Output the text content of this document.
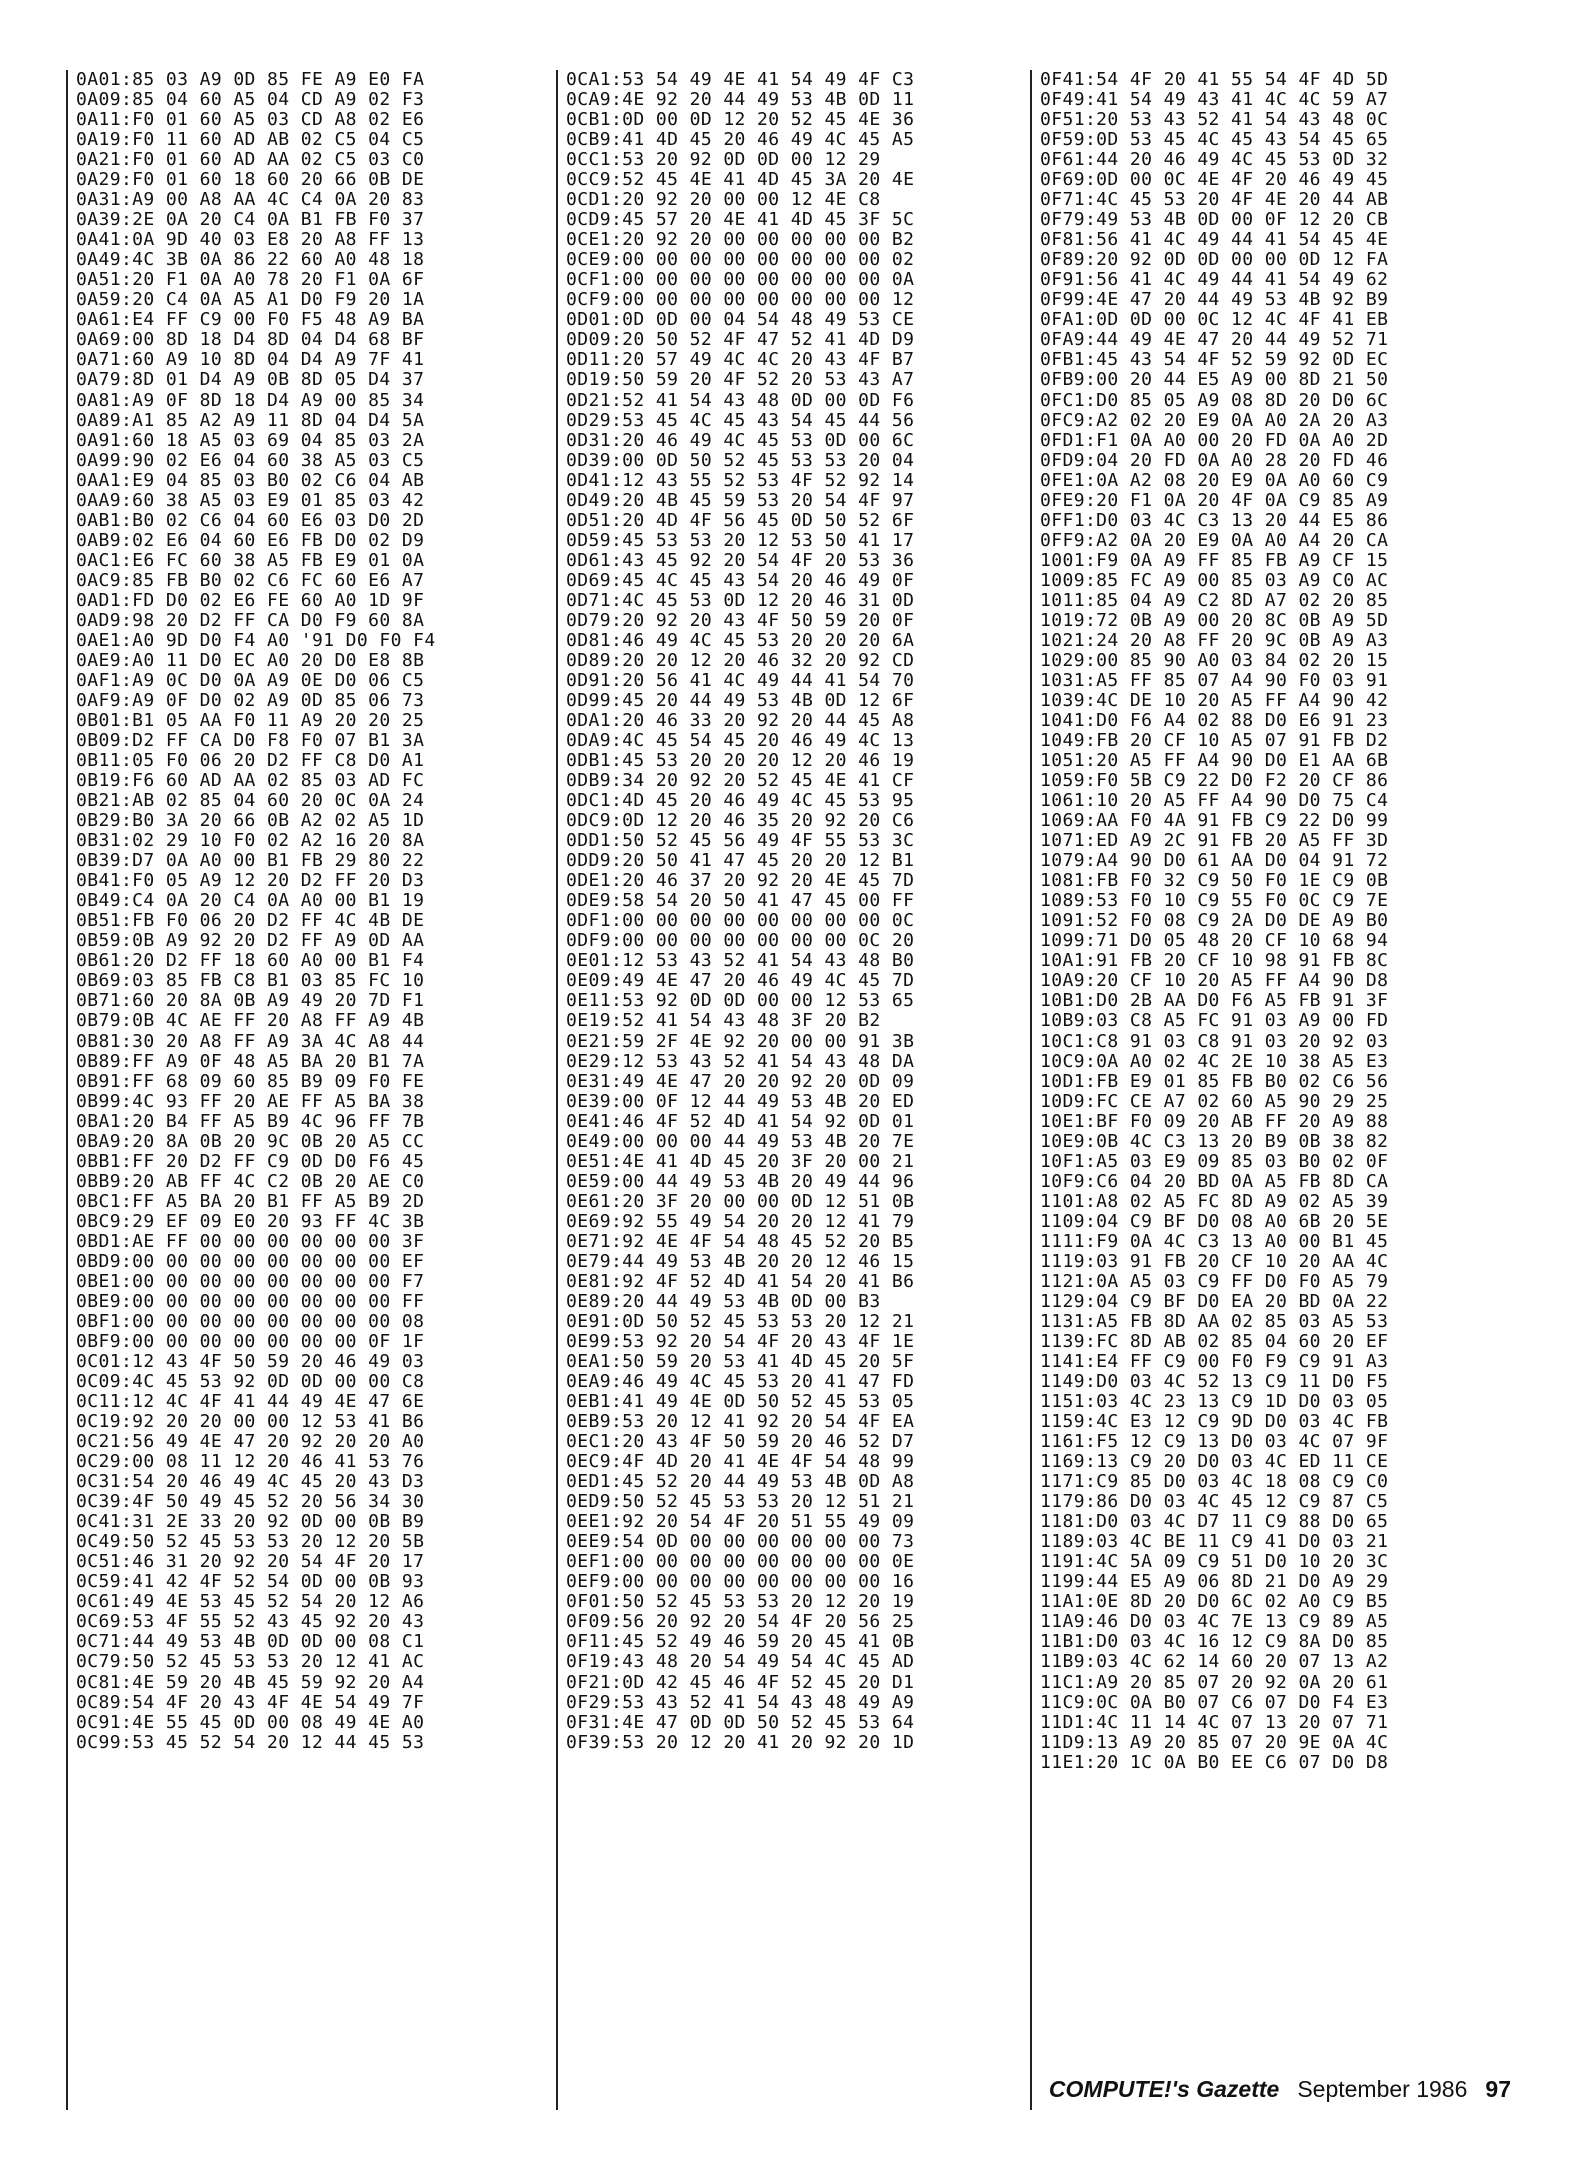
0A01:85 03 A9 0D 85 FE A9 E0 FA
0A09:85 04 60 A5 04 CD A9 02 F3
0A11:F0 01 60 A5 03 CD A8 02 E6
0A19:F0 11 60 AD AB 02 C5 04 C5
0A21:F0 01 60 AD AA 02 C5 03 C0
0A29:F0 01 60 18 60 20 66 0B DE
0A31:A9 00 A8 AA 4C C4 0A 20 83
0A39:2E 0A 20 C4 0A B1 FB F0 37
0A41:0A 9D 40 03 E8 20 A8 FF 13
0A49:4C 3B 0A 86 22 60 A0 48 18
0A51:20 F1 0A A0 78 20 F1 0A 6F
0A59:20 C4 0A A5 A1 D0 F9 20 1A
0A61:E4 FF C9 00 F0 F5 48 A9 BA
0A69:00 8D 18 D4 8D 04 D4 68 BF
0A71:60 A9 10 8D 04 D4 A9 7F 41
0A79:8D 01 D4 A9 0B 8D 05 D4 37
0A81:A9 0F 8D 18 D4 A9 00 85 34
0A89:A1 85 A2 A9 11 8D 04 D4 5A
0A91:60 18 A5 03 69 04 85 03 2A
0A99:90 02 E6 04 60 38 A5 03 C5
0AA1:E9 04 85 03 B0 02 C6 04 AB
0AA9:60 38 A5 03 E9 01 85 03 42
0AB1:B0 02 C6 04 60 E6 03 D0 2D
0AB9:02 E6 04 60 E6 FB D0 02 D9
0AC1:E6 FC 60 38 A5 FB E9 01 0A
0AC9:85 FB B0 02 C6 FC 60 E6 A7
0AD1:FD D0 02 E6 FE 60 A0 1D 9F
0AD9:98 20 D2 FF CA D0 F9 60 8A
0AE1:A0 9D D0 F4 A0 '91 D0 F0 F4
0AE9:A0 11 D0 EC A0 20 D0 E8 8B
0AF1:A9 0C D0 0A A9 0E D0 06 C5
0AF9:A9 0F D0 02 A9 0D 85 06 73
0B01:B1 05 AA F0 11 A9 20 20 25
0B09:D2 FF CA D0 F8 F0 07 B1 3A
0B11:05 F0 06 20 D2 FF C8 D0 A1
0B19:F6 60 AD AA 02 85 03 AD FC
0B21:AB 02 85 04 60 20 0C 0A 24
0B29:B0 3A 20 66 0B A2 02 A5 1D
0B31:02 29 10 F0 02 A2 16 20 8A
0B39:D7 0A A0 00 B1 FB 29 80 22
0B41:F0 05 A9 12 20 D2 FF 20 D3
0B49:C4 0A 20 C4 0A A0 00 B1 19
0B51:FB F0 06 20 D2 FF 4C 4B DE
0B59:0B A9 92 20 D2 FF A9 0D AA
0B61:20 D2 FF 18 60 A0 00 B1 F4
0B69:03 85 FB C8 B1 03 85 FC 10
0B71:60 20 8A 0B A9 49 20 7D F1
0B79:0B 4C AE FF 20 A8 FF A9 4B
0B81:30 20 A8 FF A9 3A 4C A8 44
0B89:FF A9 0F 48 A5 BA 20 B1 7A
0B91:FF 68 09 60 85 B9 09 F0 FE
0B99:4C 93 FF 20 AE FF A5 BA 38
0BA1:20 B4 FF A5 B9 4C 96 FF 7B
0BA9:20 8A 0B 20 9C 0B 20 A5 CC
0BB1:FF 20 D2 FF C9 0D D0 F6 45
0BB9:20 AB FF 4C C2 0B 20 AE C0
0BC1:FF A5 BA 20 B1 FF A5 B9 2D
0BC9:29 EF 09 E0 20 93 FF 4C 3B
0BD1:AE FF 00 00 00 00 00 00 3F
0BD9:00 00 00 00 00 00 00 00 EF
0BE1:00 00 00 00 00 00 00 00 F7
0BE9:00 00 00 00 00 00 00 00 FF
0BF1:00 00 00 00 00 00 00 00 08
0BF9:00 00 00 00 00 00 00 0F 1F
0C01:12 43 4F 50 59 20 46 49 03
0C09:4C 45 53 92 0D 0D 00 00 C8
0C11:12 4C 4F 41 44 49 4E 47 6E
0C19:92 20 20 00 00 12 53 41 B6
0C21:56 49 4E 47 20 92 20 20 A0
0C29:00 08 11 12 20 46 41 53 76
0C31:54 20 46 49 4C 45 20 43 D3
0C39:4F 50 49 45 52 20 56 34 30
0C41:31 2E 33 20 92 0D 00 0B B9
0C49:50 52 45 53 53 20 12 20 5B
0C51:46 31 20 92 20 54 4F 20 17
0C59:41 42 4F 52 54 0D 00 0B 93
0C61:49 4E 53 45 52 54 20 12 A6
0C69:53 4F 55 52 43 45 92 20 43
0C71:44 49 53 4B 0D 0D 00 08 C1
0C79:50 52 45 53 53 20 12 41 AC
0C81:4E 59 20 4B 45 59 92 20 A4
0C89:54 4F 20 43 4F 4E 54 49 7F
0C91:4E 55 45 0D 00 08 49 4E A0
0C99:53 45 52 54 20 12 44 45 53
0CA1:53 54 49 4E 41 54 49 4F C3
0CA9:4E 92 20 44 49 53 4B 0D 11
0CB1:0D 00 0D 12 20 52 45 4E 36
0CB9:41 4D 45 20 46 49 4C 45 A5
0CC1:53 20 92 0D 0D 00 12 29
0CC9:52 45 4E 41 4D 45 3A 20 4E
0CD1:20 92 20 00 00 12 4E C8
0CD9:45 57 20 4E 41 4D 45 3F 5C
0CE1:20 92 20 00 00 00 00 00 B2
0CE9:00 00 00 00 00 00 00 00 02
0CF1:00 00 00 00 00 00 00 00 0A
0CF9:00 00 00 00 00 00 00 00 12
0D01:0D 0D 00 04 54 48 49 53 CE
0D09:20 50 52 4F 47 52 41 4D D9
0D11:20 57 49 4C 4C 20 43 4F B7
0D19:50 59 20 4F 52 20 53 43 A7
0D21:52 41 54 43 48 0D 00 0D F6
0D29:53 45 4C 45 43 54 45 44 56
0D31:20 46 49 4C 45 53 0D 00 6C
0D39:00 0D 50 52 45 53 53 20 04
0D41:12 43 55 52 53 4F 52 92 14
0D49:20 4B 45 59 53 20 54 4F 97
0D51:20 4D 4F 56 45 0D 50 52 6F
0D59:45 53 53 20 12 53 50 41 17
0D61:43 45 92 20 54 4F 20 53 36
0D69:45 4C 45 43 54 20 46 49 0F
0D71:4C 45 53 0D 12 20 46 31 0D
0D79:20 92 20 43 4F 50 59 20 0F
0D81:46 49 4C 45 53 20 20 20 6A
0D89:20 20 12 20 46 32 20 92 CD
0D91:20 56 41 4C 49 44 41 54 70
0D99:45 20 44 49 53 4B 0D 12 6F
0DA1:20 46 33 20 92 20 44 45 A8
0DA9:4C 45 54 45 20 46 49 4C 13
0DB1:45 53 20 20 20 12 20 46 19
0DB9:34 20 92 20 52 45 4E 41 CF
0DC1:4D 45 20 46 49 4C 45 53 95
0DC9:0D 12 20 46 35 20 92 20 C6
0DD1:50 52 45 56 49 4F 55 53 3C
0DD9:20 50 41 47 45 20 20 12 B1
0DE1:20 46 37 20 92 20 4E 45 7D
0DE9:58 54 20 50 41 47 45 00 FF
0DF1:00 00 00 00 00 00 00 00 0C
0DF9:00 00 00 00 00 00 00 0C 20
0E01:12 53 43 52 41 54 43 48 B0
0E09:49 4E 47 20 46 49 4C 45 7D
0E11:53 92 0D 0D 00 00 12 53 65
0E19:52 41 54 43 48 3F 20 B2
0E21:59 2F 4E 92 20 00 00 91 3B
0E29:12 53 43 52 41 54 43 48 DA
0E31:49 4E 47 20 20 92 20 0D 09
0E39:00 0F 12 44 49 53 4B 20 ED
0E41:46 4F 52 4D 41 54 92 0D 01
0E49:00 00 00 44 49 53 4B 20 7E
0E51:4E 41 4D 45 20 3F 20 00 21
0E59:00 44 49 53 4B 20 49 44 96
0E61:20 3F 20 00 00 0D 12 51 0B
0E69:92 55 49 54 20 20 12 41 79
0E71:92 4E 4F 54 48 45 52 20 B5
0E79:44 49 53 4B 20 20 12 46 15
0E81:92 4F 52 4D 41 54 20 41 B6
0E89:20 44 49 53 4B 0D 00 B3
0E91:0D 50 52 45 53 53 20 12 21
0E99:53 92 20 54 4F 20 43 4F 1E
0EA1:50 59 20 53 41 4D 45 20 5F
0EA9:46 49 4C 45 53 20 41 47 FD
0EB1:41 49 4E 0D 50 52 45 53 05
0EB9:53 20 12 41 92 20 54 4F EA
0EC1:20 43 4F 50 59 20 46 52 D7
0EC9:4F 4D 20 41 4E 4F 54 48 99
0ED1:45 52 20 44 49 53 4B 0D A8
0ED9:50 52 45 53 53 20 12 51 21
0EE1:92 20 54 4F 20 51 55 49 09
0EE9:54 0D 00 00 00 00 00 00 73
0EF1:00 00 00 00 00 00 00 00 0E
0EF9:00 00 00 00 00 00 00 00 16
0F01:50 52 45 53 53 20 12 20 19
0F09:56 20 92 20 54 4F 20 56 25
0F11:45 52 49 46 59 20 45 41 0B
0F19:43 48 20 54 49 54 4C 45 AD
0F21:0D 42 45 46 4F 52 45 20 D1
0F29:53 43 52 41 54 43 48 49 A9
0F31:4E 47 0D 0D 50 52 45 53 64
0F39:53 20 12 20 41 20 92 20 1D
0F41:54 4F 20 41 55 54 4F 4D 5D
0F49:41 54 49 43 41 4C 4C 59 A7
0F51:20 53 43 52 41 54 43 48 0C
0F59:0D 53 45 4C 45 43 54 45 65
0F61:44 20 46 49 4C 45 53 0D 32
0F69:0D 00 0C 4E 4F 20 46 49 45
0F71:4C 45 53 20 4F 4E 20 44 AB
0F79:49 53 4B 0D 00 0F 12 20 CB
0F81:56 41 4C 49 44 41 54 45 4E
0F89:20 92 0D 0D 00 00 0D 12 FA
0F91:56 41 4C 49 44 41 54 49 62
0F99:4E 47 20 44 49 53 4B 92 B9
0FA1:0D 0D 00 0C 12 4C 4F 41 EB
0FA9:44 49 4E 47 20 44 49 52 71
0FB1:45 43 54 4F 52 59 92 0D EC
0FB9:00 20 44 E5 A9 00 8D 21 50
0FC1:D0 85 05 A9 08 8D 20 D0 6C
0FC9:A2 02 20 E9 0A A0 2A 20 A3
0FD1:F1 0A A0 00 20 FD 0A A0 2D
0FD9:04 20 FD 0A A0 28 20 FD 46
0FE1:0A A2 08 20 E9 0A A0 60 C9
0FE9:20 F1 0A 20 4F 0A C9 85 A9
0FF1:D0 03 4C C3 13 20 44 E5 86
0FF9:A2 0A 20 E9 0A A0 A4 20 CA
1001:F9 0A A9 FF 85 FB A9 CF 15
1009:85 FC A9 00 85 03 A9 C0 AC
1011:85 04 A9 C2 8D A7 02 20 85
1019:72 0B A9 00 20 8C 0B A9 5D
1021:24 20 A8 FF 20 9C 0B A9 A3
1029:00 85 90 A0 03 84 02 20 15
1031:A5 FF 85 07 A4 90 F0 03 91
1039:4C DE 10 20 A5 FF A4 90 42
1041:D0 F6 A4 02 88 D0 E6 91 23
1049:FB 20 CF 10 A5 07 91 FB D2
1051:20 A5 FF A4 90 D0 E1 AA 6B
1059:F0 5B C9 22 D0 F2 20 CF 86
1061:10 20 A5 FF A4 90 D0 75 C4
1069:AA F0 4A 91 FB C9 22 D0 99
1071:ED A9 2C 91 FB 20 A5 FF 3D
1079:A4 90 D0 61 AA D0 04 91 72
1081:FB F0 32 C9 50 F0 1E C9 0B
1089:53 F0 10 C9 55 F0 0C C9 7E
1091:52 F0 08 C9 2A D0 DE A9 B0
1099:71 D0 05 48 20 CF 10 68 94
10A1:91 FB 20 CF 10 98 91 FB 8C
10A9:20 CF 10 20 A5 FF A4 90 D8
10B1:D0 2B AA D0 F6 A5 FB 91 3F
10B9:03 C8 A5 FC 91 03 A9 00 FD
10C1:C8 91 03 C8 91 03 20 92 03
10C9:0A A0 02 4C 2E 10 38 A5 E3
10D1:FB E9 01 85 FB B0 02 C6 56
10D9:FC CE A7 02 60 A5 90 29 25
10E1:BF F0 09 20 AB FF 20 A9 88
10E9:0B 4C C3 13 20 B9 0B 38 82
10F1:A5 03 E9 09 85 03 B0 02 0F
10F9:C6 04 20 BD 0A A5 FB 8D CA
1101:A8 02 A5 FC 8D A9 02 A5 39
1109:04 C9 BF D0 08 A0 6B 20 5E
1111:F9 0A 4C C3 13 A0 00 B1 45
1119:03 91 FB 20 CF 10 20 AA 4C
1121:0A A5 03 C9 FF D0 F0 A5 79
1129:04 C9 BF D0 EA 20 BD 0A 22
1131:A5 FB 8D AA 02 85 03 A5 53
1139:FC 8D AB 02 85 04 60 20 EF
1141:E4 FF C9 00 F0 F9 C9 91 A3
1149:D0 03 4C 52 13 C9 11 D0 F5
1151:03 4C 23 13 C9 1D D0 03 05
1159:4C E3 12 C9 9D D0 03 4C FB
1161:F5 12 C9 13 D0 03 4C 07 9F
1169:13 C9 20 D0 03 4C ED 11 CE
1171:C9 85 D0 03 4C 18 08 C9 C0
1179:86 D0 03 4C 45 12 C9 87 C5
1181:D0 03 4C D7 11 C9 88 D0 65
1189:03 4C BE 11 C9 41 D0 03 21
1191:4C 5A 09 C9 51 D0 10 20 3C
1199:44 E5 A9 06 8D 21 D0 A9 29
11A1:0E 8D 20 D0 6C 02 A0 C9 B5
11A9:46 D0 03 4C 7E 13 C9 89 A5
11B1:D0 03 4C 16 12 C9 8A D0 85
11B9:03 4C 62 14 60 20 07 13 A2
11C1:A9 20 85 07 20 92 0A 20 61
11C9:0C 0A B0 07 C6 07 D0 F4 E3
11D1:4C 11 14 4C 07 13 20 07 71
11D9:13 A9 20 85 07 20 9E 0A 4C
11E1:20 1C 0A B0 EE C6 07 D0 D8
COMPUTE!'s Gazette September 1986 97
